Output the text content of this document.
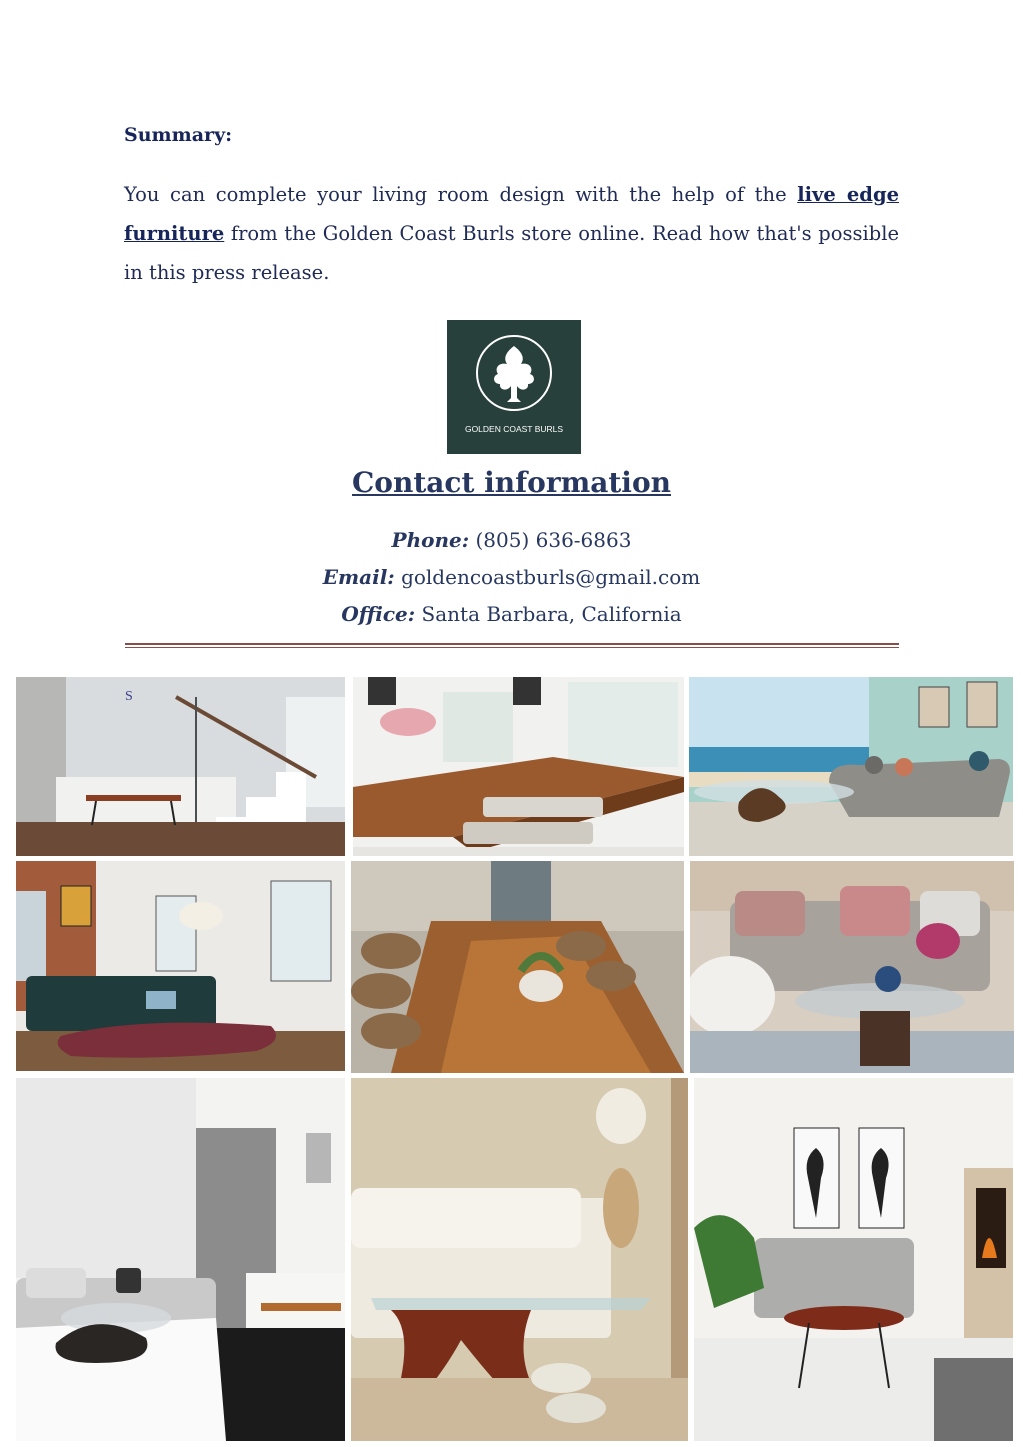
Summary:
You can complete your living room design with the help of the live edge furniture from the Golden Coast Burls store online. Read how that's possible in this press release.
GOLDEN COAST BURLS
Contact information
Phone: (805) 636-6863
Email: goldencoastburls@gmail.com
Office: Santa Barbara, California
S
